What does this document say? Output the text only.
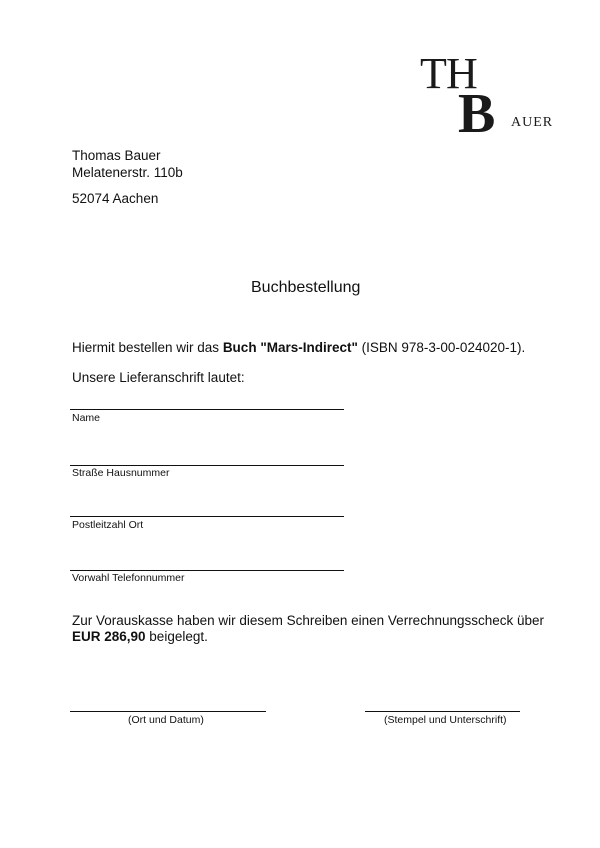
T H
B AUER
Thomas Bauer
Melatenerstr. 110b
52074 Aachen
Buchbestellung
Hiermit bestellen wir das Buch "Mars-Indirect" (ISBN 978-3-00-024020-1).
Unsere Lieferanschrift lautet:
Name
Straße Hausnummer
Postleitzahl Ort
Vorwahl Telefonnummer
Zur Vorauskasse haben wir diesem Schreiben einen Verrechnungsscheck über
EUR 286,90 beigelegt.
(Ort und Datum)	(Stempel und Unterschrift)
